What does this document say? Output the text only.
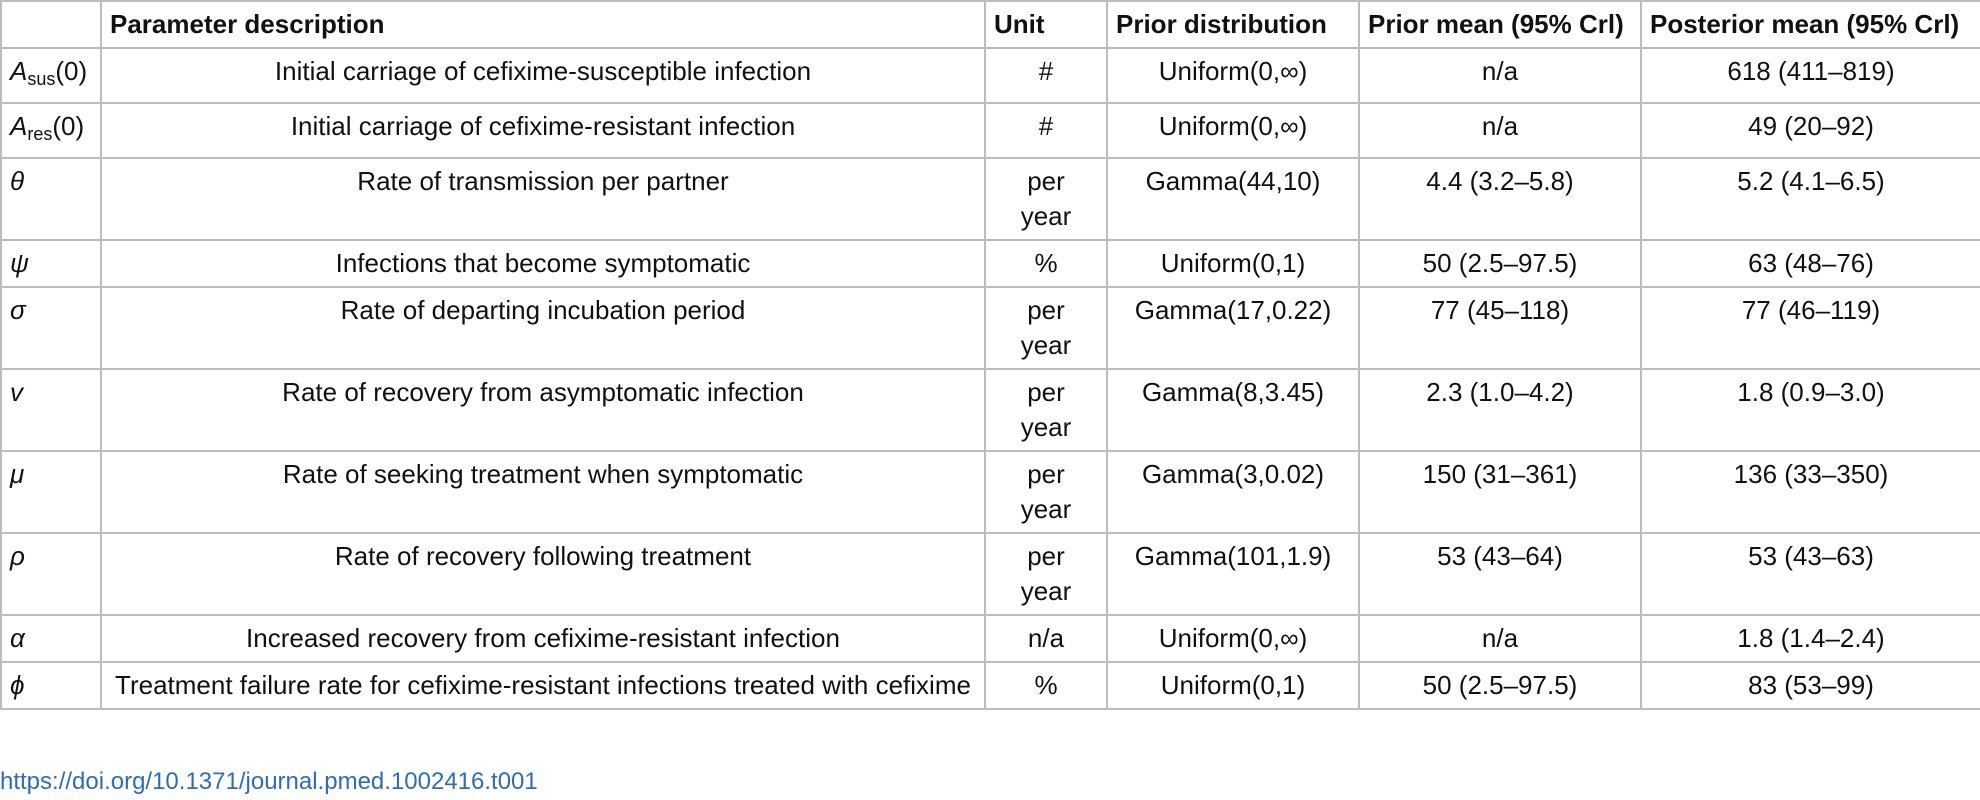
	Parameter description	Unit	Prior distribution	Prior mean (95% Crl)	Posterior mean (95% Crl)
$A_{sus}(0)$	Initial carriage of cefixime-susceptible infection	#	Uniform(0,∞)	n/a	618 (411–819)
$A_{res}(0)$	Initial carriage of cefixime-resistant infection	#	Uniform(0,∞)	n/a	49 (20–92)
θ	Rate of transmission per partner	per year	Gamma(44,10)	4.4 (3.2–5.8)	5.2 (4.1–6.5)
ψ	Infections that become symptomatic	%	Uniform(0,1)	50 (2.5–97.5)	63 (48–76)
σ	Rate of departing incubation period	per year	Gamma(17,0.22)	77 (45–118)	77 (46–119)
v	Rate of recovery from asymptomatic infection	per year	Gamma(8,3.45)	2.3 (1.0–4.2)	1.8 (0.9–3.0)
μ	Rate of seeking treatment when symptomatic	per year	Gamma(3,0.02)	150 (31–361)	136 (33–350)
ρ	Rate of recovery following treatment	per year	Gamma(101,1.9)	53 (43–64)	53 (43–63)
α	Increased recovery from cefixime-resistant infection	n/a	Uniform(0,∞)	n/a	1.8 (1.4–2.4)
ϕ	Treatment failure rate for cefixime-resistant infections treated with cefixime	%	Uniform(0,1)	50 (2.5–97.5)	83 (53–99)
https://doi.org/10.1371/journal.pmed.1002416.t001
